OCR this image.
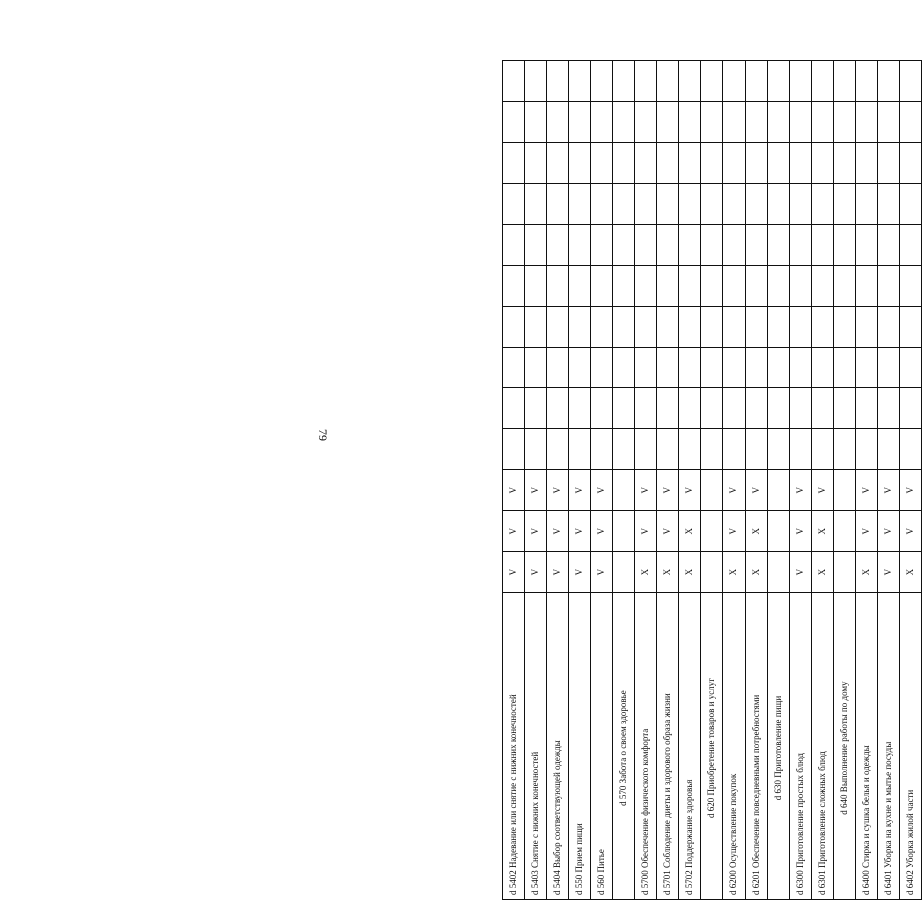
79
d 5402 Надевание или снятие с нижних конечностей	V	V	V										
d 5403 Снятие с нижних конечностей	V	V	V										
d 5404 Выбор соответствующей одежды	V	V	V										
d 550 Прием пищи	V	V	V										
d 560 Питье	V	V	V										
d 570 Забота о своем здоровье													
d 5700 Обеспечение физического комфорта	X	V	V										
d 5701 Соблюдение диеты и здорового образа жизни	X	V	V										
d 5702 Поддержание здоровья	X	X	V										
d 620 Приобретение товаров и услуг													
d 6200 Осуществление покупок	X	V	V										
d 6201 Обеспечение повседневными потребностями	X	X	V										
d 630 Приготовление пищи													
d 6300 Приготовление простых блюд	V	V	V										
d 6301 Приготовление сложных блюд	X	X	V										
d 640 Выполнение работы по дому													
d 6400 Стирка и сушка белья и одежды	X	V	V										
d 6401 Уборка на кухне и мытье посуды	V	V	V										
d 6402 Уборка жилой части	X	V	V										
